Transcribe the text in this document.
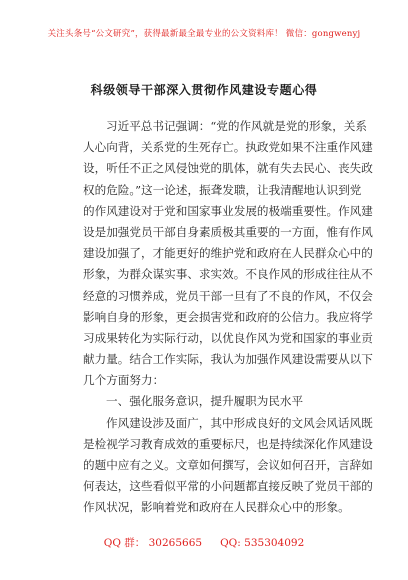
关注头条号“公文研究”，获得最新最全最专业的公文资料库！ 微信：gongwenyj
科级领导干部深入贯彻作风建设专题心得
习近平总书记强调：“党的作风就是党的形象，关系
人心向背，关系党的生死存亡。执政党如果不注重作风建
设，听任不正之风侵蚀党的肌体，就有失去民心、丧失政
权的危险。”这一论述，振聋发聩，让我清醒地认识到党
的作风建设对于党和国家事业发展的极端重要性。作风建
设是加强党员干部自身素质极其重要的一方面，惟有作风
建设加强了，才能更好的维护党和政府在人民群众心中的
形象，为群众谋实事、求实效。不良作风的形成往往从不
经意的习惯养成，党员干部一旦有了不良的作风，不仅会
影响自身的形象，更会损害党和政府的公信力。我应将学
习成果转化为实际行动，以优良作风为党和国家的事业贡
献力量。结合工作实际，我认为加强作风建设需要从以下
几个方面努力：
一、强化服务意识，提升履职为民水平
作风建设涉及面广，其中形成良好的文风会风话风既
是检视学习教育成效的重要标尺，也是持续深化作风建设
的题中应有之义。文章如何撰写，会议如何召开，言辞如
何表达，这些看似平常的小问题都直接反映了党员干部的
作风状况，影响着党和政府在人民群众心中的形象。
QQ 群： 30265665 QQ: 535304092
